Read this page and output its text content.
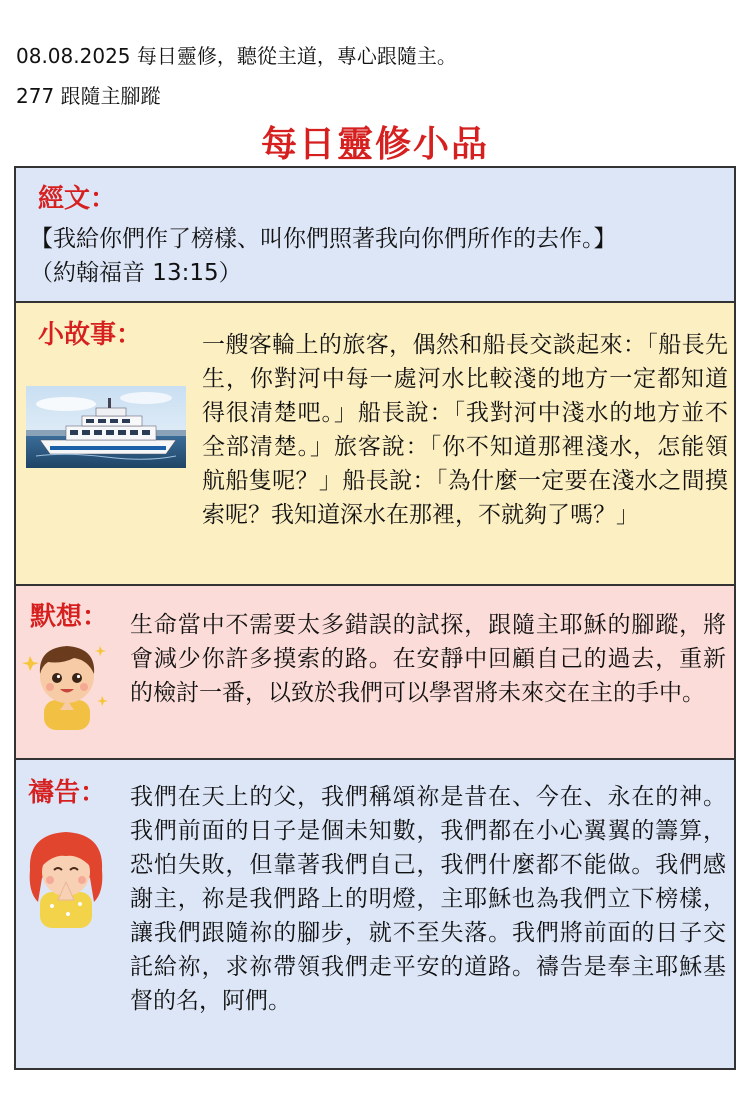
08.08.2025 每日靈修，聽從主道，專心跟隨主。
277 跟隨主腳蹤
每日靈修小品
經文：
【我給你們作了榜樣、叫你們照著我向你們所作的去作。】
（約翰福音 13:15）
小故事：	一艘客輪上的旅客，偶然和船長交談起來：「船長先生，你對河中每一處河水比較淺的地方一定都知道得很清楚吧。」船長說：「我對河中淺水的地方並不全部清楚。」旅客說：「你不知道那裡淺水，怎能領航船隻呢？」船長說：「為什麼一定要在淺水之間摸索呢？我知道深水在那裡，不就夠了嗎？」
默想： 生命當中不需要太多錯誤的試探，跟隨主耶穌的腳蹤，將會減少你許多摸索的路。在安靜中回顧自己的過去，重新的檢討一番，以致於我們可以學習將未來交在主的手中。
禱告： 我們在天上的父，我們稱頌祢是昔在、今在、永在的神。我們前面的日子是個未知數，我們都在小心翼翼的籌算，恐怕失敗，但靠著我們自己，我們什麼都不能做。我們感謝主，祢是我們路上的明燈，主耶穌也為我們立下榜樣，讓我們跟隨祢的腳步，就不至失落。我們將前面的日子交託給祢，求祢帶領我們走平安的道路。禱告是奉主耶穌基督的名，阿們。
